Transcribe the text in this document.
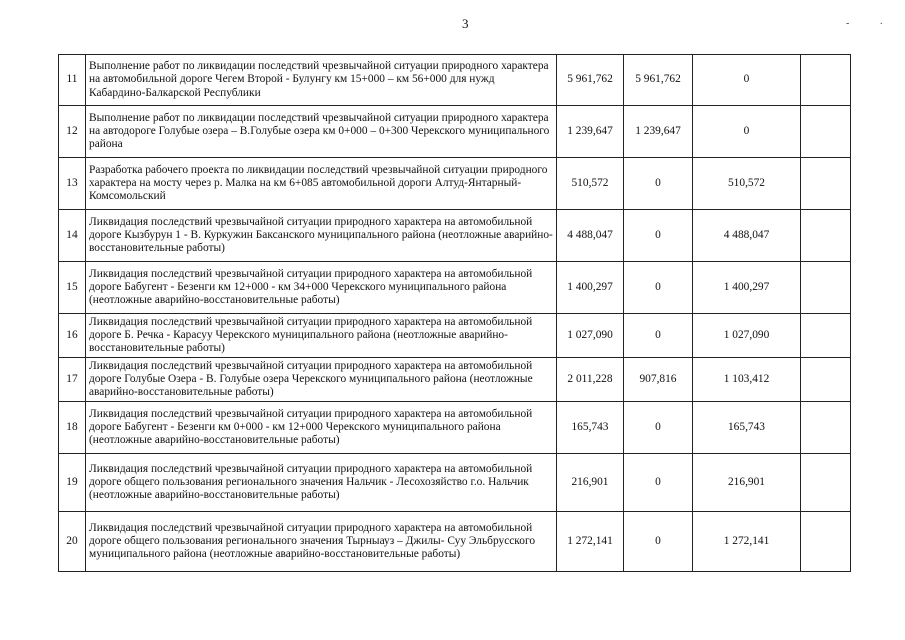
3	-	.
11	Выполнение работ по ликвидации последствий чрезвычайной ситуации природного характера на автомобильной дороге Чегем Второй - Булунгу км 15+000 – км 56+000 для нужд Кабардино-Балкарской Республики	5 961,762	5 961,762	0	
12	Выполнение работ по ликвидации последствий чрезвычайной ситуации природного характера на автодороге Голубые озера – В.Голубые озера км 0+000 – 0+300 Черекского муниципального района	1 239,647	1 239,647	0	
13	Разработка рабочего проекта по ликвидации последствий чрезвычайной ситуации природного характера на мосту через р. Малка на км 6+085 автомобильной дороги Алтуд-Янтарный-Комсомольский	510,572	0	510,572	
14	Ликвидация последствий чрезвычайной ситуации природного характера на автомобильной дороге Кызбурун 1 - В. Куркужин Баксанского муниципального района (неотложные аварийно-восстановительные работы)	4 488,047	0	4 488,047	
15	Ликвидация последствий чрезвычайной ситуации природного характера на автомобильной дороге Бабугент - Безенги км 12+000 - км 34+000 Черекского муниципального района (неотложные аварийно-восстановительные работы)	1 400,297	0	1 400,297	
16	Ликвидация последствий чрезвычайной ситуации природного характера на автомобильной дороге Б. Речка - Карасуу Черекского муниципального района (неотложные аварийно-восстановительные работы)	1 027,090	0	1 027,090	
17	Ликвидация последствий чрезвычайной ситуации природного характера на автомобильной дороге Голубые Озера - В. Голубые озера Черекского муниципального района (неотложные аварийно-восстановительные работы)	2 011,228	907,816	1 103,412	
18	Ликвидация последствий чрезвычайной ситуации природного характера на автомобильной дороге Бабугент - Безенги км 0+000 - км 12+000 Черекского муниципального района (неотложные аварийно-восстановительные работы)	165,743	0	165,743	
19	Ликвидация последствий чрезвычайной ситуации природного характера на автомобильной дороге общего пользования регионального значения Нальчик - Лесохозяйство г.о. Нальчик (неотложные аварийно-восстановительные работы)	216,901	0	216,901	
20	Ликвидация последствий чрезвычайной ситуации природного характера на автомобильной дороге общего пользования регионального значения Тырныауз – Джилы- Суу Эльбрусского муниципального района (неотложные аварийно-восстановительные работы)	1 272,141	0	1 272,141	
